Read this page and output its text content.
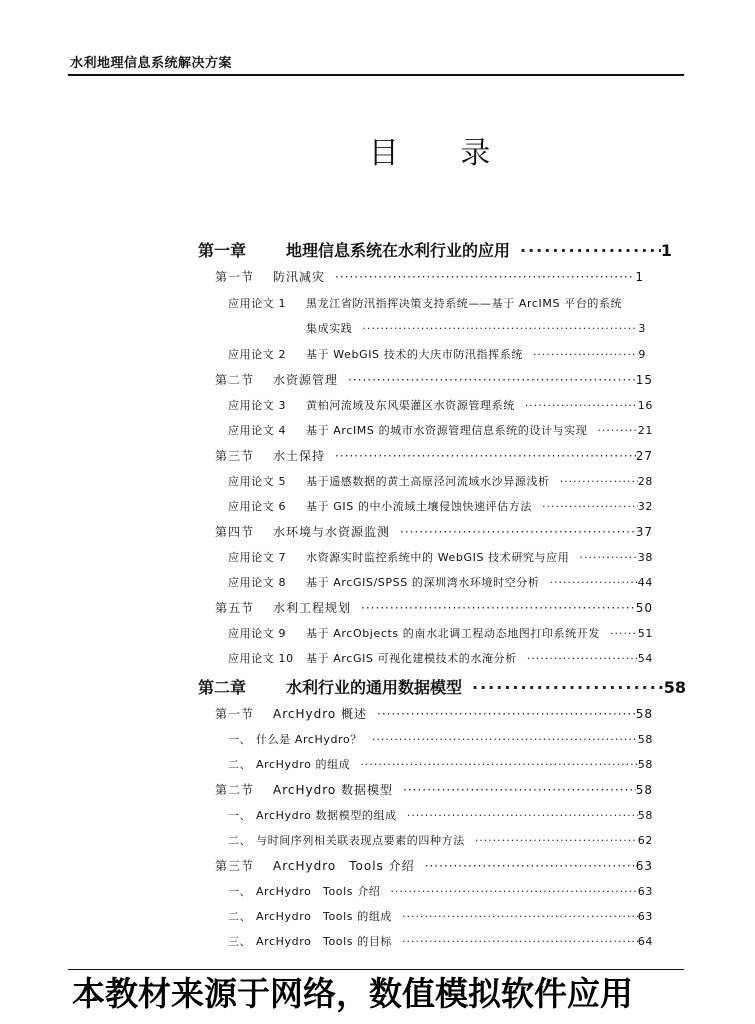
水利地理信息系统解决方案
目 录
第一章	地理信息系统在水利行业的应用 ·····	1
第一节	防汛减灾 ·····	1
应用论文 1	黑龙江省防汛指挥决策支持系统——基于 ArcIMS 平台的系统
集成实践 ·····	3
应用论文 2	基于 WebGIS 技术的大庆市防汛指挥系统 ·····	9
第二节	水资源管理 ·····	15
应用论文 3	黄柏河流域及东风渠灌区水资源管理系统 ·····	16
应用论文 4	基于 ArcIMS 的城市水资源管理信息系统的设计与实现 ·····	21
第三节	水土保持 ·····	27
应用论文 5	基于遥感数据的黄土高原泾河流域水沙异源浅析 ·····	28
应用论文 6	基于 GIS 的中小流域土壤侵蚀快速评估方法 ·····	32
第四节	水环境与水资源监测 ·····	37
应用论文 7	水资源实时监控系统中的 WebGIS 技术研究与应用 ·····	38
应用论文 8	基于 ArcGIS/SPSS 的深圳湾水环境时空分析 ·····	44
第五节	水利工程规划 ·····	50
应用论文 9	基于 ArcObjects 的南水北调工程动态地图打印系统开发 ·····	51
应用论文 10	基于 ArcGIS 可视化建模技术的水淹分析 ·····	54
第二章	水利行业的通用数据模型 ·····	58
第一节	ArcHydro 概述 ·····	58
一、 什么是 ArcHydro？ ·····	58
二、 ArcHydro 的组成 ·····	58
第二节	ArcHydro 数据模型 ·····	58
一、 ArcHydro 数据模型的组成 ·····	58
二、 与时间序列相关联表现点要素的四种方法 ·····	62
第三节	ArcHydro　Tools 介绍 ·····	63
一、 ArcHydro　Tools 介绍 ·····	63
二、 ArcHydro　Tools 的组成 ·····	63
三、 ArcHydro　Tools 的目标 ·····	64
本教材来源于网络，数值模拟软件应用
